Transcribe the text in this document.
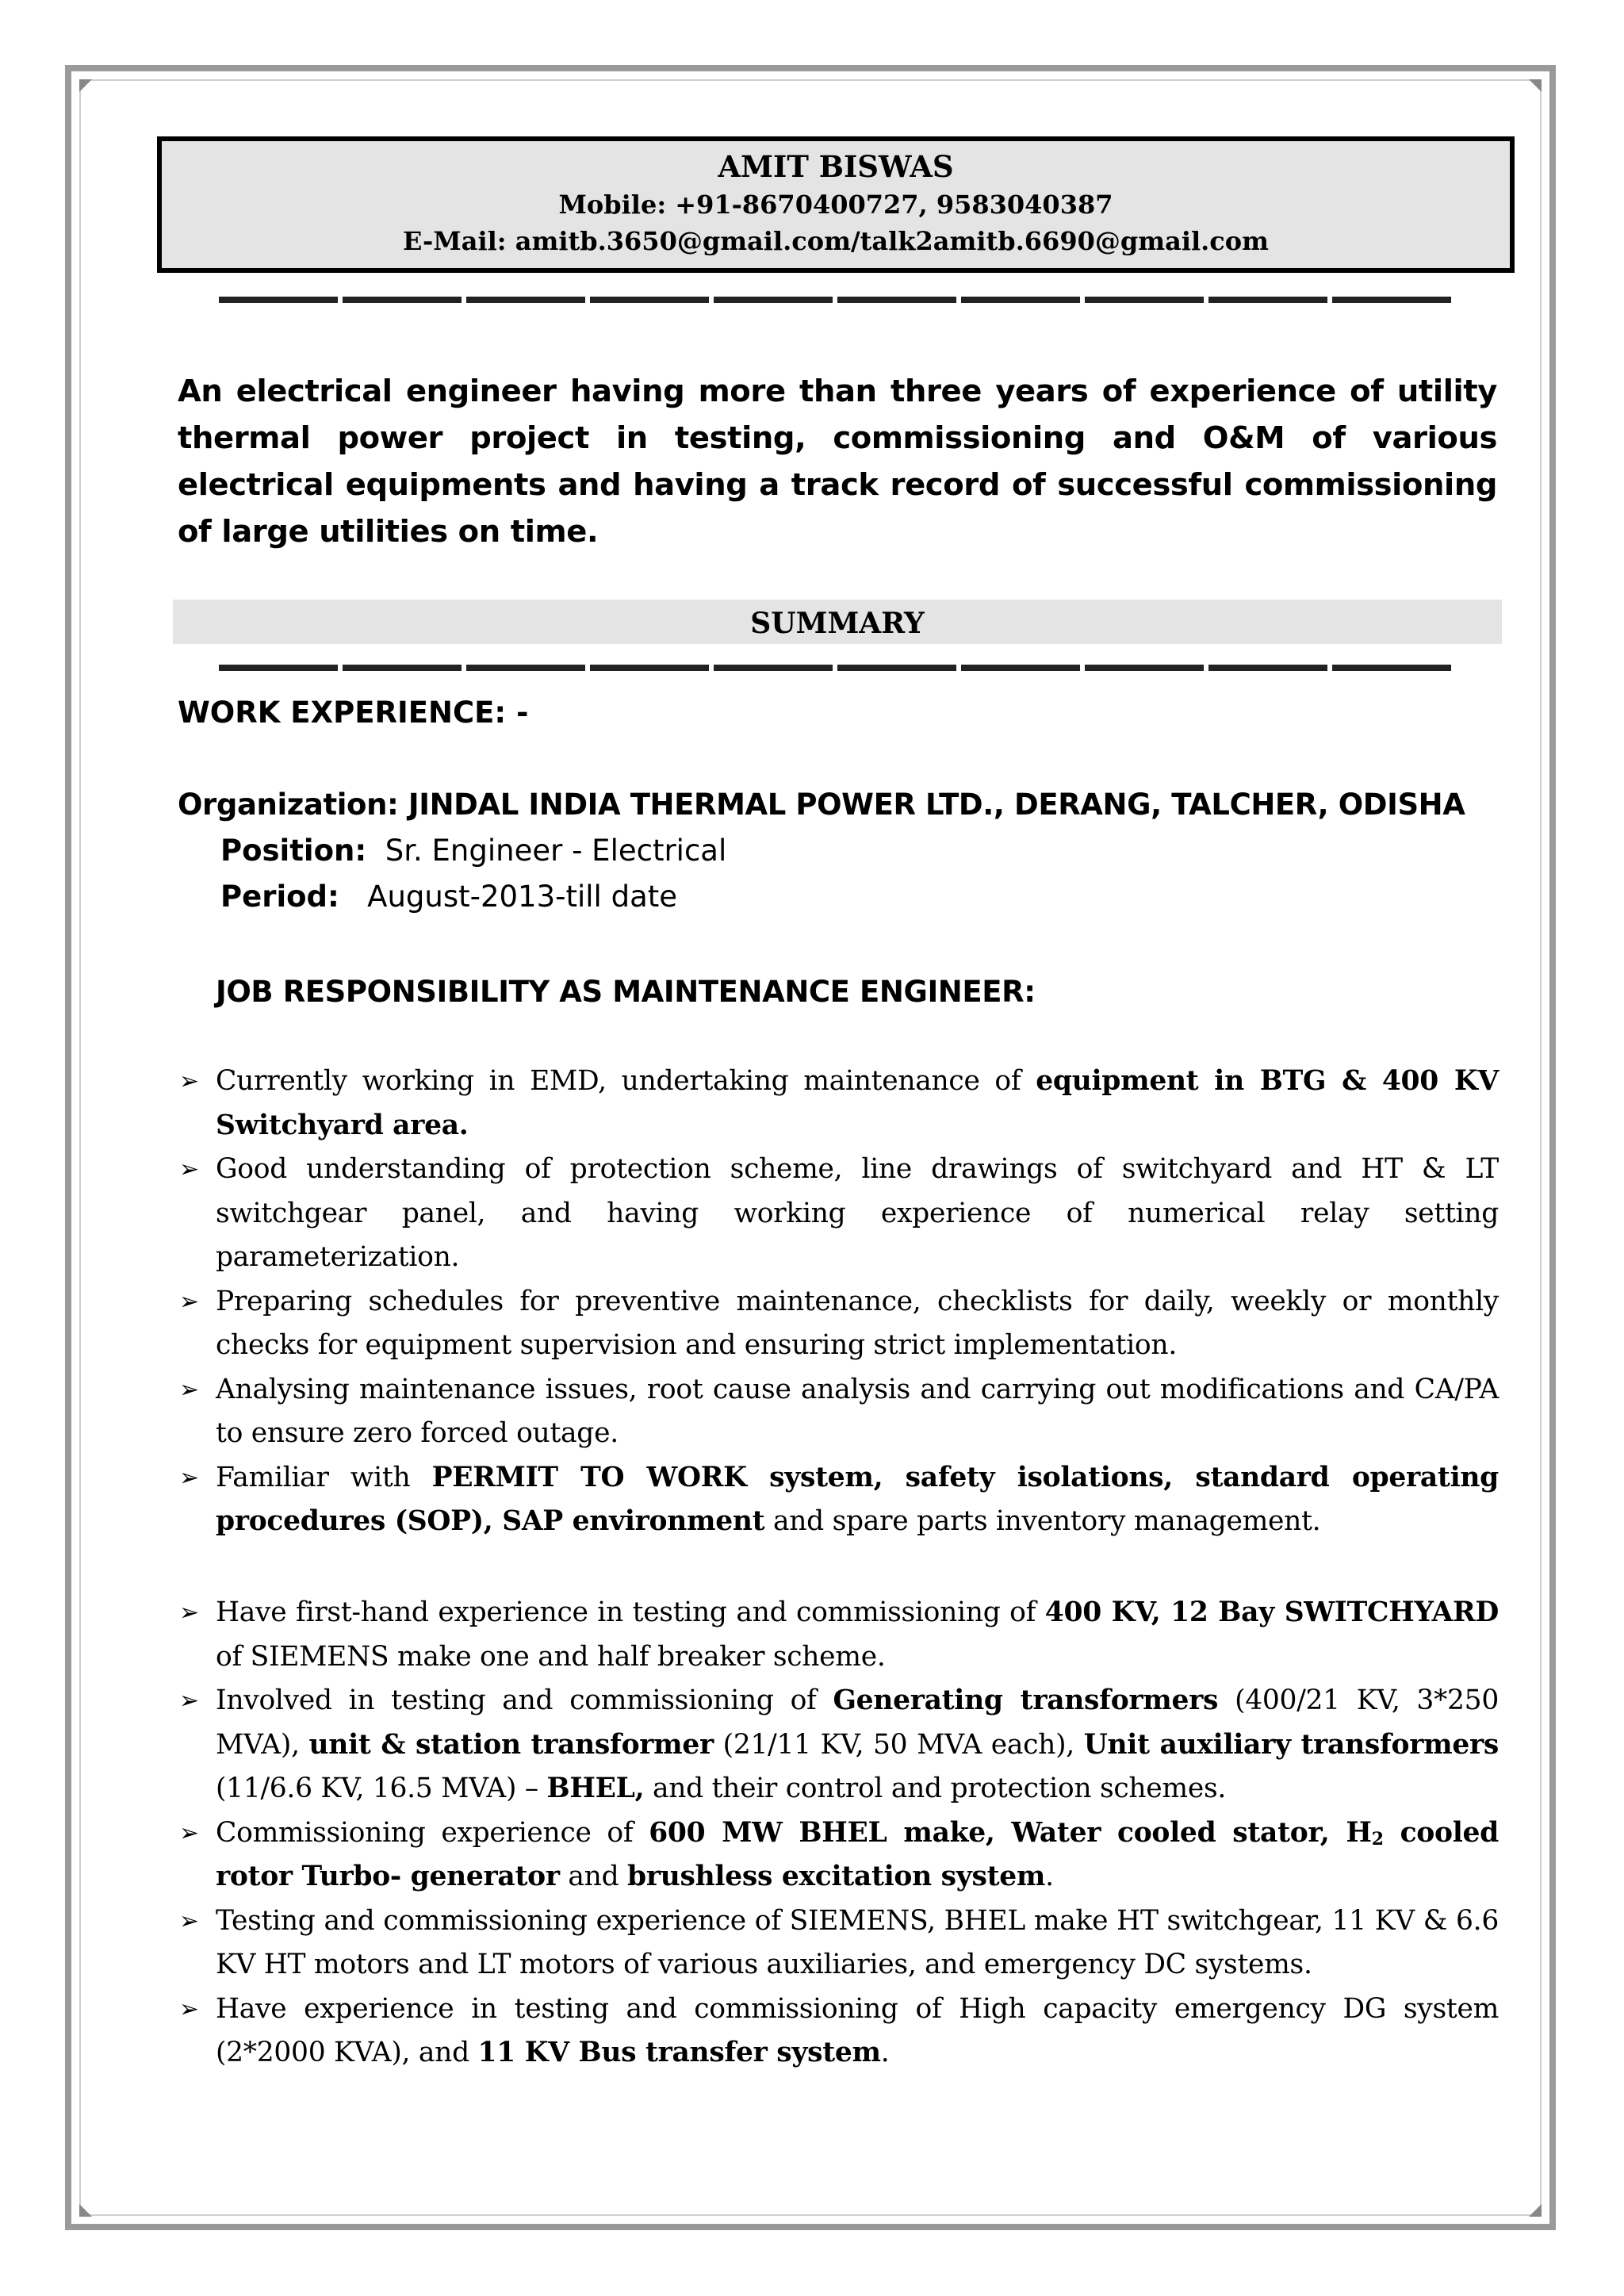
AMIT BISWAS
Mobile: +91-8670400727, 9583040387
E-Mail: amitb.3650@gmail.com/talk2amitb.6690@gmail.com
An electrical engineer having more than three years of experience of utility thermal power project in testing, commissioning and O&M of various electrical equipments and having a track record of successful commissioning of large utilities on time.
SUMMARY
WORK EXPERIENCE: -
Organization: JINDAL INDIA THERMAL POWER LTD., DERANG, TALCHER, ODISHA
Position: Sr. Engineer - Electrical
Period: August-2013-till date
JOB RESPONSIBILITY AS MAINTENANCE ENGINEER:
➢ Currently working in EMD, undertaking maintenance of equipment in BTG & 400 KV Switchyard area.
➢ Good understanding of protection scheme, line drawings of switchyard and HT & LT switchgear panel, and having working experience of numerical relay setting parameterization.
➢ Preparing schedules for preventive maintenance, checklists for daily, weekly or monthly checks for equipment supervision and ensuring strict implementation.
➢ Analysing maintenance issues, root cause analysis and carrying out modifications and CA/PA to ensure zero forced outage.
➢ Familiar with PERMIT TO WORK system, safety isolations, standard operating procedures (SOP), SAP environment and spare parts inventory management.
➢ Have first-hand experience in testing and commissioning of 400 KV, 12 Bay SWITCHYARD of SIEMENS make one and half breaker scheme.
➢ Involved in testing and commissioning of Generating transformers (400/21 KV, 3*250 MVA), unit & station transformer (21/11 KV, 50 MVA each), Unit auxiliary transformers (11/6.6 KV, 16.5 MVA) – BHEL, and their control and protection schemes.
➢ Commissioning experience of 600 MW BHEL make, Water cooled stator, $H_2$ cooled rotor Turbo- generator and brushless excitation system.
➢ Testing and commissioning experience of SIEMENS, BHEL make HT switchgear, 11 KV & 6.6 KV HT motors and LT motors of various auxiliaries, and emergency DC systems.
➢ Have experience in testing and commissioning of High capacity emergency DG system (2*2000 KVA), and 11 KV Bus transfer system.
